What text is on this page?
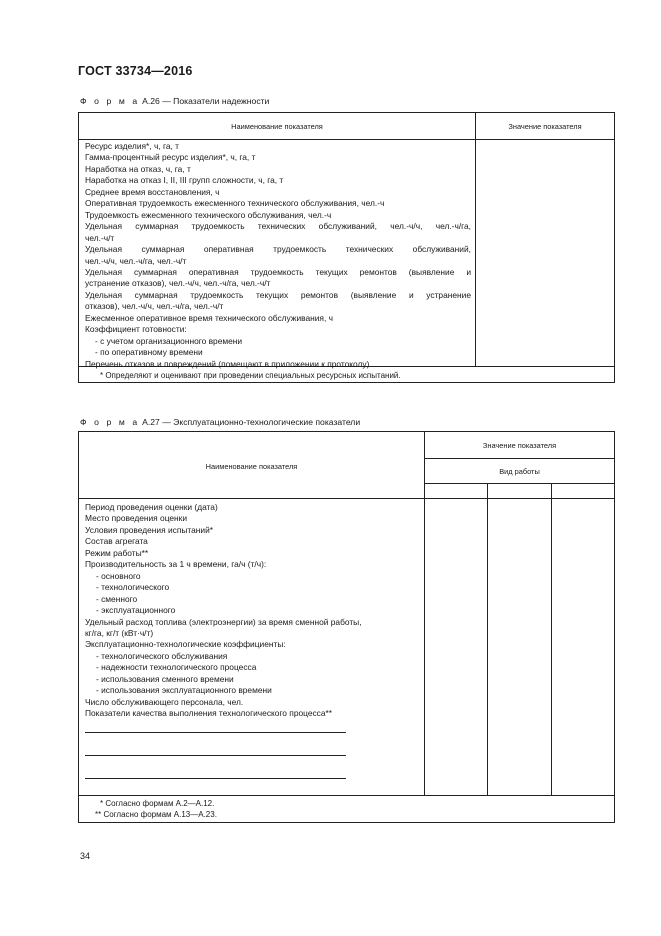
ГОСТ 33734—2016
Ф о р м а А.26 — Показатели надежности
Наименование показателя	Значение показателя
Ресурс изделия*, ч, га, т
Гамма-процентный ресурс изделия*, ч, га, т
Наработка на отказ, ч, га, т
Наработка на отказ I, II, III групп сложности, ч, га, т
Среднее время восстановления, ч
Оперативная трудоемкость ежесменного технического обслуживания, чел.-ч
Трудоемкость ежесменного технического обслуживания, чел.-ч
Удельная суммарная трудоемкость технических обслуживаний, чел.-ч/ч, чел.-ч/га,
чел.-ч/т
Удельная суммарная оперативная трудоемкость технических обслуживаний,
чел.-ч/ч, чел.-ч/га, чел.-ч/т
Удельная суммарная оперативная трудоемкость текущих ремонтов (выявление и
устранение отказов), чел.-ч/ч, чел.-ч/га, чел.-ч/т
Удельная суммарная трудоемкость текущих ремонтов (выявление и устранение
отказов), чел.-ч/ч, чел.-ч/га, чел.-ч/т
Ежесменное оперативное время технического обслуживания, ч
Коэффициент готовности:
- с учетом организационного времени
- по оперативному времени
Перечень отказов и повреждений (помещают в приложении к протоколу)
* Определяют и оценивают при проведении специальных ресурсных испытаний.
Ф о р м а А.27 — Эксплуатационно-технологические показатели
Наименование показателя
Значение показателя
Вид работы
Период проведения оценки (дата)
Место проведения оценки
Условия проведения испытаний*
Состав агрегата
Режим работы**
Производительность за 1 ч времени, га/ч (т/ч):
- основного
- технологического
- сменного
- эксплуатационного
Удельный расход топлива (электроэнергии) за время сменной работы,
кг/га, кг/т (кВт·ч/т)
Эксплуатационно-технологические коэффициенты:
- технологического обслуживания
- надежности технологического процесса
- использования сменного времени
- использования эксплуатационного времени
Число обслуживающего персонала, чел.
Показатели качества выполнения технологического процесса**
* Согласно формам А.2—А.12.
** Согласно формам А.13—А.23.
34
